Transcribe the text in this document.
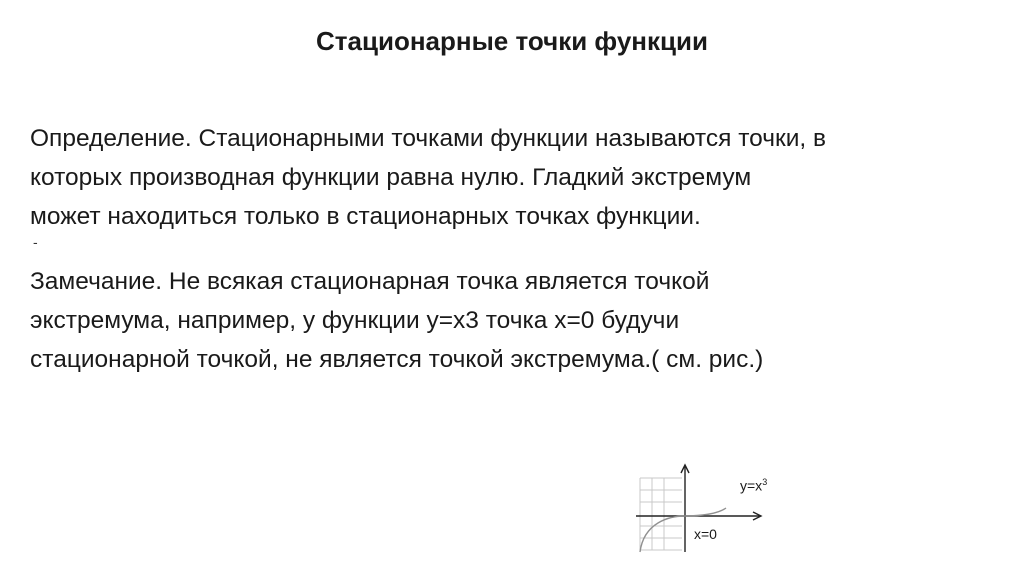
Стационарные точки функции

Определение. Стационарными точками функции называются точки, в
которых производная функции равна нулю. Гладкий экстремум
может находиться только в стационарных точках функции.

-

Замечание. Не всякая стационарная точка является точкой
экстремума, например, у функции y=x3 точка x=0 будучи
стационарной точкой, не является точкой экстремума.( см. рис.)

$y=x^3$
x=0
